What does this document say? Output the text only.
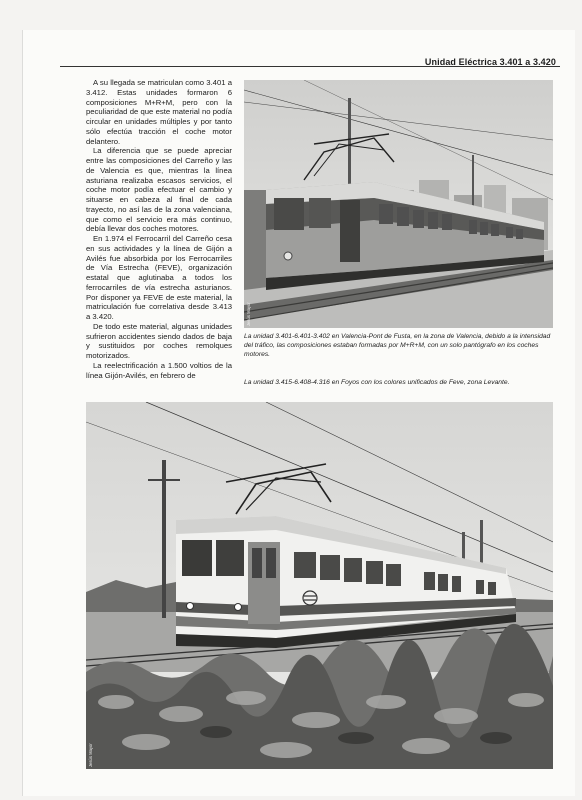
Unidad Eléctrica 3.401 a 3.420

A su llegada se matriculan como 3.401 a 3.412. Estas unidades formaron 6 composiciones M+R+M, pero con la peculiaridad de que este material no podía circular en unidades múltiples y por tanto sólo efectúa tracción el coche motor delantero.

La diferencia que se puede apreciar entre las composiciones del Carreño y las de Valencia es que, mientras la línea asturiana realizaba escasos servicios, el coche motor podía efectuar el cambio y situarse en cabeza al final de cada trayecto, no así las de la zona valenciana, que como el servicio era más continuo, debía llevar dos coches motores.

En 1.974 el Ferrocarril del Carreño cesa en sus actividades y la línea de Gijón a Avilés fue absorbida por los Ferrocarriles de Vía Estrecha (FEVE), organización estatal que aglutinaba a todos los ferrocarriles de vía estrecha asturianos. Por disponer ya FEVE de este material, la matriculación fue correlativa desde 3.413 a 3.420.

De todo este material, algunas unidades sufrieron accidentes siendo dados de baja y sustituidos por coches remolques motorizados.

La reelectrificación a 1.500 voltios de la línea Gijón-Avilés, en febrero de

Jesús Mayor
La unidad 3.401-6.401-3.402 en Valencia-Pont de Fusta, en la zona de Valencia, debido a la intensidad del tráfico, las composiciones estaban formadas por M+R+M, con un solo pantógrafo en los coches motores.
La unidad 3.415-6.408-4.316 en Foyos con los colores unificados de Feve, zona Levante.
Jesús Mayor
